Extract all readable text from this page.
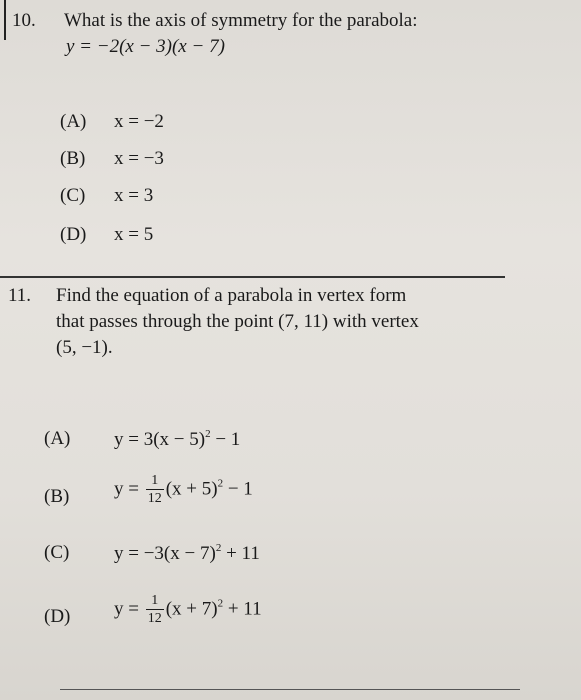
10. What is the axis of symmetry for the parabola:
y = −2(x − 3)(x − 7)
(A) x = −2
(B) x = −3
(C) x = 3
(D) x = 5
11. Find the equation of a parabola in vertex form
that passes through the point (7, 11) with vertex
(5, −1).
(A) $y = 3(x - 5)^2 - 1$
(B) $y = \frac{1}{12} (x + 5)^2 - 1$
(C) $y = -3(x - 7)^2 + 11$
(D) $y = \frac{1}{12} (x + 7)^2 + 11$
